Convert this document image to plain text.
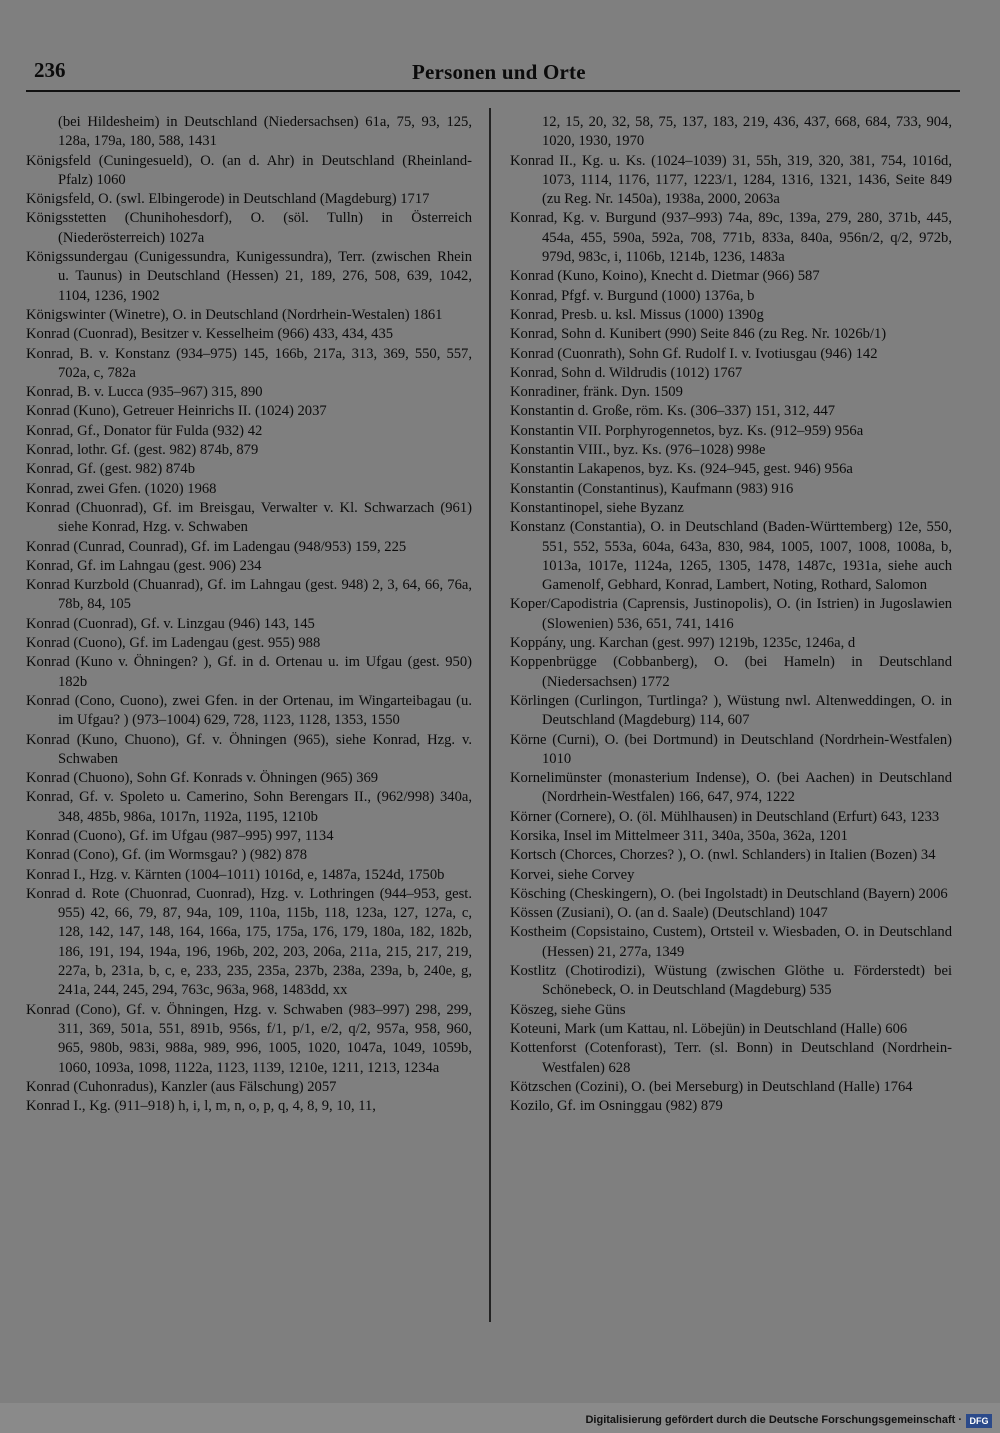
236	Personen und Orte

(bei Hildesheim) in Deutschland (Niedersachsen) 61a, 75, 93, 125, 128a, 179a, 180, 588, 1431

Königsfeld (Cuningesueld), O. (an d. Ahr) in Deutschland (Rheinland-Pfalz) 1060

Königsfeld, O. (swl. Elbingerode) in Deutschland (Magdeburg) 1717

Königsstetten (Chunihohesdorf), O. (söl. Tulln) in Österreich (Niederösterreich) 1027a

Königssundergau (Cunigessundra, Kunigessundra), Terr. (zwischen Rhein u. Taunus) in Deutschland (Hessen) 21, 189, 276, 508, 639, 1042, 1104, 1236, 1902

Königswinter (Winetre), O. in Deutschland (Nordrhein-Westalen) 1861

Konrad (Cuonrad), Besitzer v. Kesselheim (966) 433, 434, 435

Konrad, B. v. Konstanz (934–975) 145, 166b, 217a, 313, 369, 550, 557, 702a, c, 782a

Konrad, B. v. Lucca (935–967) 315, 890

Konrad (Kuno), Getreuer Heinrichs II. (1024) 2037

Konrad, Gf., Donator für Fulda (932) 42

Konrad, lothr. Gf. (gest. 982) 874b, 879

Konrad, Gf. (gest. 982) 874b

Konrad, zwei Gfen. (1020) 1968

Konrad (Chuonrad), Gf. im Breisgau, Verwalter v. Kl. Schwarzach (961) siehe Konrad, Hzg. v. Schwaben

Konrad (Cunrad, Counrad), Gf. im Ladengau (948/953) 159, 225

Konrad, Gf. im Lahngau (gest. 906) 234

Konrad Kurzbold (Chuanrad), Gf. im Lahngau (gest. 948) 2, 3, 64, 66, 76a, 78b, 84, 105

Konrad (Cuonrad), Gf. v. Linzgau (946) 143, 145

Konrad (Cuono), Gf. im Ladengau (gest. 955) 988

Konrad (Kuno v. Öhningen? ), Gf. in d. Ortenau u. im Ufgau (gest. 950) 182b

Konrad (Cono, Cuono), zwei Gfen. in der Ortenau, im Wingarteibagau (u. im Ufgau? ) (973–1004) 629, 728, 1123, 1128, 1353, 1550

Konrad (Kuno, Chuono), Gf. v. Öhningen (965), siehe Konrad, Hzg. v. Schwaben

Konrad (Chuono), Sohn Gf. Konrads v. Öhningen (965) 369

Konrad, Gf. v. Spoleto u. Camerino, Sohn Berengars II., (962/998) 340a, 348, 485b, 986a, 1017n, 1192a, 1195, 1210b

Konrad (Cuono), Gf. im Ufgau (987–995) 997, 1134

Konrad (Cono), Gf. (im Wormsgau? ) (982) 878

Konrad I., Hzg. v. Kärnten (1004–1011) 1016d, e, 1487a, 1524d, 1750b

Konrad d. Rote (Chuonrad, Cuonrad), Hzg. v. Lothringen (944–953, gest. 955) 42, 66, 79, 87, 94a, 109, 110a, 115b, 118, 123a, 127, 127a, c, 128, 142, 147, 148, 164, 166a, 175, 175a, 176, 179, 180a, 182, 182b, 186, 191, 194, 194a, 196, 196b, 202, 203, 206a, 211a, 215, 217, 219, 227a, b, 231a, b, c, e, 233, 235, 235a, 237b, 238a, 239a, b, 240e, g, 241a, 244, 245, 294, 763c, 963a, 968, 1483dd, xx

Konrad (Cono), Gf. v. Öhningen, Hzg. v. Schwaben (983–997) 298, 299, 311, 369, 501a, 551, 891b, 956s, f/1, p/1, e/2, q/2, 957a, 958, 960, 965, 980b, 983i, 988a, 989, 996, 1005, 1020, 1047a, 1049, 1059b, 1060, 1093a, 1098, 1122a, 1123, 1139, 1210e, 1211, 1213, 1234a

Konrad (Cuhonradus), Kanzler (aus Fälschung) 2057

Konrad I., Kg. (911–918) h, i, l, m, n, o, p, q, 4, 8, 9, 10, 11,

12, 15, 20, 32, 58, 75, 137, 183, 219, 436, 437, 668, 684, 733, 904, 1020, 1930, 1970

Konrad II., Kg. u. Ks. (1024–1039) 31, 55h, 319, 320, 381, 754, 1016d, 1073, 1114, 1176, 1177, 1223/1, 1284, 1316, 1321, 1436, Seite 849 (zu Reg. Nr. 1450a), 1938a, 2000, 2063a

Konrad, Kg. v. Burgund (937–993) 74a, 89c, 139a, 279, 280, 371b, 445, 454a, 455, 590a, 592a, 708, 771b, 833a, 840a, 956n/2, q/2, 972b, 979d, 983c, i, 1106b, 1214b, 1236, 1483a

Konrad (Kuno, Koino), Knecht d. Dietmar (966) 587

Konrad, Pfgf. v. Burgund (1000) 1376a, b

Konrad, Presb. u. ksl. Missus (1000) 1390g

Konrad, Sohn d. Kunibert (990) Seite 846 (zu Reg. Nr. 1026b/1)

Konrad (Cuonrath), Sohn Gf. Rudolf I. v. Ivotiusgau (946) 142

Konrad, Sohn d. Wildrudis (1012) 1767

Konradiner, fränk. Dyn. 1509

Konstantin d. Große, röm. Ks. (306–337) 151, 312, 447

Konstantin VII. Porphyrogennetos, byz. Ks. (912–959) 956a

Konstantin VIII., byz. Ks. (976–1028) 998e

Konstantin Lakapenos, byz. Ks. (924–945, gest. 946) 956a

Konstantin (Constantinus), Kaufmann (983) 916

Konstantinopel, siehe Byzanz

Konstanz (Constantia), O. in Deutschland (Baden-Württemberg) 12e, 550, 551, 552, 553a, 604a, 643a, 830, 984, 1005, 1007, 1008, 1008a, b, 1013a, 1017e, 1124a, 1265, 1305, 1478, 1487c, 1931a, siehe auch Gamenolf, Gebhard, Konrad, Lambert, Noting, Rothard, Salomon

Koper/Capodistria (Caprensis, Justinopolis), O. (in Istrien) in Jugoslawien (Slowenien) 536, 651, 741, 1416

Koppány, ung. Karchan (gest. 997) 1219b, 1235c, 1246a, d

Koppenbrügge (Cobbanberg), O. (bei Hameln) in Deutschland (Niedersachsen) 1772

Körlingen (Curlingon, Turtlinga? ), Wüstung nwl. Altenweddingen, O. in Deutschland (Magdeburg) 114, 607

Körne (Curni), O. (bei Dortmund) in Deutschland (Nordrhein-Westfalen) 1010

Kornelimünster (monasterium Indense), O. (bei Aachen) in Deutschland (Nordrhein-Westfalen) 166, 647, 974, 1222

Körner (Cornere), O. (öl. Mühlhausen) in Deutschland (Erfurt) 643, 1233

Korsika, Insel im Mittelmeer 311, 340a, 350a, 362a, 1201

Kortsch (Chorces, Chorzes? ), O. (nwl. Schlanders) in Italien (Bozen) 34

Korvei, siehe Corvey

Kösching (Cheskingern), O. (bei Ingolstadt) in Deutschland (Bayern) 2006

Kössen (Zusiani), O. (an d. Saale) (Deutschland) 1047

Kostheim (Copsistaino, Custem), Ortsteil v. Wiesbaden, O. in Deutschland (Hessen) 21, 277a, 1349

Kostlitz (Chotirodizi), Wüstung (zwischen Glöthe u. Förderstedt) bei Schönebeck, O. in Deutschland (Magdeburg) 535

Köszeg, siehe Güns

Koteuni, Mark (um Kattau, nl. Löbejün) in Deutschland (Halle) 606

Kottenforst (Cotenforast), Terr. (sl. Bonn) in Deutschland (Nordrhein-Westfalen) 628

Kötzschen (Cozini), O. (bei Merseburg) in Deutschland (Halle) 1764

Kozilo, Gf. im Osninggau (982) 879

Digitalisierung gefördert durch die Deutsche Forschungsgemeinschaft · DFG
